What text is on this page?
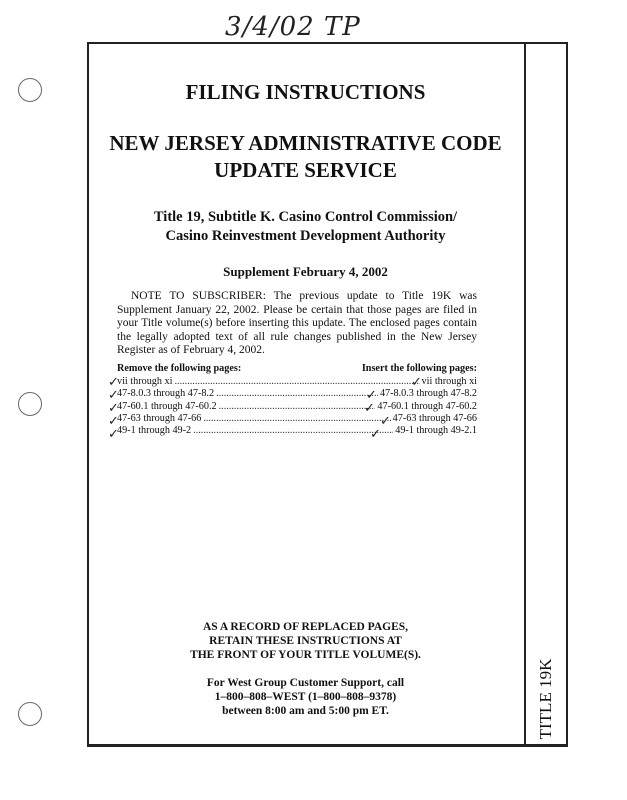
3/4/02 TP
TITLE 19K
FILING INSTRUCTIONS
NEW JERSEY ADMINISTRATIVE CODE
UPDATE SERVICE
Title 19, Subtitle K. Casino Control Commission/
Casino Reinvestment Development Authority
Supplement February 4, 2002
NOTE TO SUBSCRIBER: The previous update to Title 19K was Supplement January 22, 2002. Please be certain that those pages are filed in your Title volume(s) before inserting this update. The enclosed pages contain the legally adopted text of all rule changes published in the New Jersey Register as of February 4, 2002.
Remove the following pages:	Insert the following pages:
vii through xi .....	vii through xi
47-8.0.3 through 47-8.2 .....	47-8.0.3 through 47-8.2
47-60.1 through 47-60.2 .....	47-60.1 through 47-60.2
47-63 through 47-66 .....	47-63 through 47-66
49-1 through 49-2 .....	49-1 through 49-2.1
✓
✓
✓
✓
✓
✓
✓
✓
✓
✓
AS A RECORD OF REPLACED PAGES,
RETAIN THESE INSTRUCTIONS AT
THE FRONT OF YOUR TITLE VOLUME(S).
For West Group Customer Support, call
1–800–808–WEST (1–800–808–9378)
between 8:00 am and 5:00 pm ET.
